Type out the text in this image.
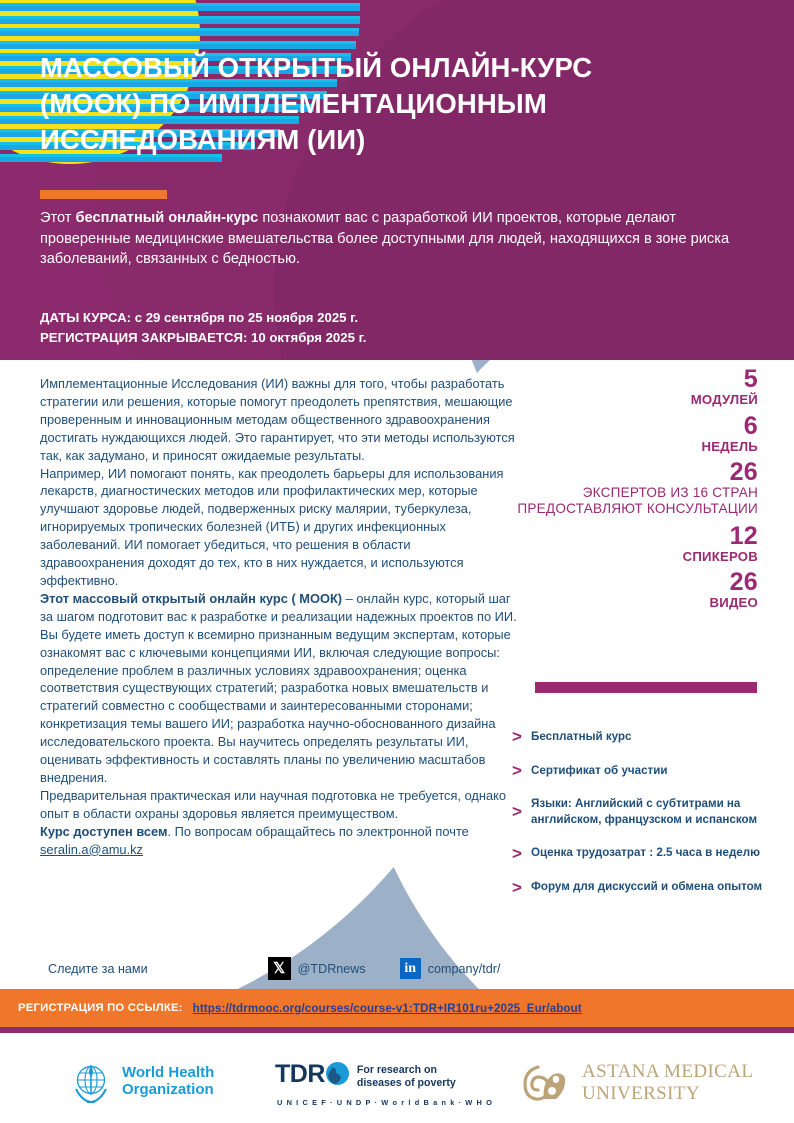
МАССОВЫЙ ОТКРЫТЫЙ ОНЛАЙН-КУРС (МООК) ПО ИМПЛЕМЕНТАЦИОННЫМ ИССЛЕДОВАНИЯМ (ИИ)
Этот бесплатный онлайн-курс познакомит вас с разработкой ИИ проектов, которые делают проверенные медицинские вмешательства более доступными для людей, находящихся в зоне риска заболеваний, связанных с бедностью.
ДАТЫ КУРСА: с 29 сентября по 25 ноября 2025 г.
РЕГИСТРАЦИЯ ЗАКРЫВАЕТСЯ: 10 октября 2025 г.

Имплементационные Исследования (ИИ) важны для того, чтобы разработать стратегии или решения, которые помогут преодолеть препятствия, мешающие проверенным и инновационным методам общественного здравоохранения достигать нуждающихся людей. Это гарантирует, что эти методы используются так, как задумано, и приносят ожидаемые результаты.

Например, ИИ помогают понять, как преодолеть барьеры для использования лекарств, диагностических методов или профилактических мер, которые улучшают здоровье людей, подверженных риску малярии, туберкулеза, игнорируемых тропических болезней (ИТБ) и других инфекционных заболеваний. ИИ помогает убедиться, что решения в области здравоохранения доходят до тех, кто в них нуждается, и используются эффективно.

Этот массовый открытый онлайн курс ( МООК) – онлайн курс, который шаг за шагом подготовит вас к разработке и реализации надежных проектов по ИИ. Вы будете иметь доступ к всемирно признанным ведущим экспертам, которые ознакомят вас с ключевыми концепциями ИИ, включая следующие вопросы: определение проблем в различных условиях здравоохранения; оценка соответствия существующих стратегий; разработка новых вмешательств и стратегий совместно с сообществами и заинтересованными сторонами; конкретизация темы вашего ИИ; разработка научно-обоснованного дизайна исследовательского проекта. Вы научитесь определять результаты ИИ, оценивать эффективность и составлять планы по увеличению масштабов внедрения.

Предварительная практическая или научная подготовка не требуется, однако опыт в области охраны здоровья является преимуществом.

Курс доступен всем. По вопросам обращайтесь по электронной почте seralin.a@amu.kz

Следите за нами	𝕏 @TDRnews	in company/tdr/
5
МОДУЛЕЙ
6
НЕДЕЛЬ
26
ЭКСПЕРТОВ ИЗ 16 СТРАН ПРЕДОСТАВЛЯЮТ КОНСУЛЬТАЦИИ
12
СПИКЕРОВ
26
ВИДЕО
> Бесплатный курс
> Сертификат об участии
> Языки: Английский с субтитрами на английском, французском и испанском
> Оценка трудозатрат : 2.5 часа в неделю
> Форум для дискуссий и обмена опытом
РЕГИСТРАЦИЯ ПО ССЫЛКЕ: https://tdrmooc.org/courses/course-v1:TDR+IR101ru+2025_Eur/about
World Health
Organization
TDR	For research on
diseases of poverty
U N I C E F · U N D P · W o r l d B a n k · W H O
ASTANA MEDICAL
UNIVERSITY
